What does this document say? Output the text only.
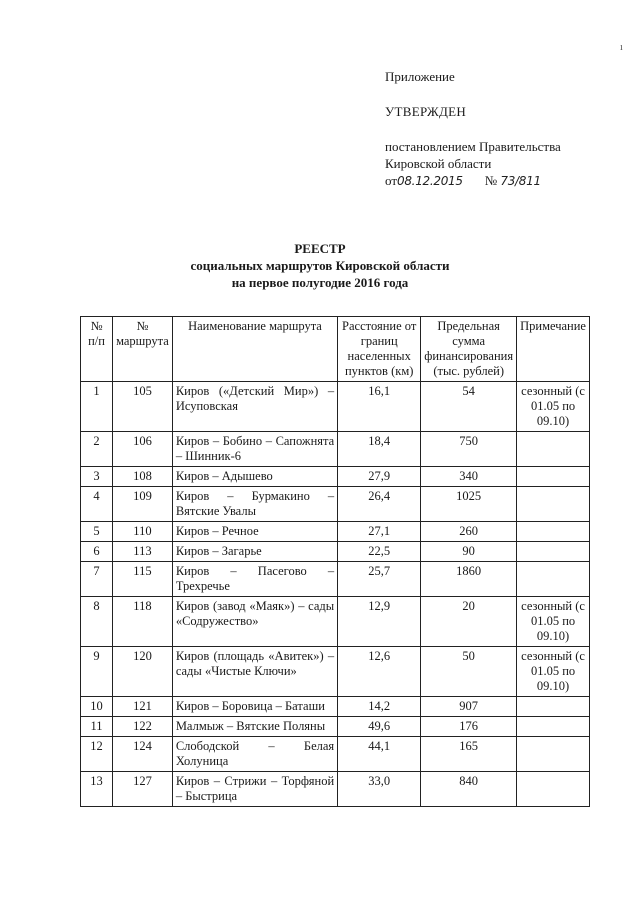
ı
Приложение
УТВЕРЖДЕН
постановлением Правительства
Кировской области
от08.12.2015 № 73/811
РЕЕСТР
социальных маршрутов Кировской области
на первое полугодие 2016 года
№ п/п	№ маршрута	Наименование маршрута	Расстояние от границ населенных пунктов (км)	Предельная сумма финансирования (тыс. рублей)	Примечание
1	105	Киров («Детский Мир») – Исуповская	16,1	54	сезонный (с 01.05 по 09.10)
2	106	Киров – Бобино – Сапожнята – Шинник-6	18,4	750	
3	108	Киров – Адышево	27,9	340	
4	109	Киров – Бурмакино – Вятские Увалы	26,4	1025	
5	110	Киров – Речное	27,1	260	
6	113	Киров – Загарье	22,5	90	
7	115	Киров – Пасегово – Трехречье	25,7	1860	
8	118	Киров (завод «Маяк») – сады «Содружество»	12,9	20	сезонный (с 01.05 по 09.10)
9	120	Киров (площадь «Авитек») – сады «Чистые Ключи»	12,6	50	сезонный (с 01.05 по 09.10)
10	121	Киров – Боровица – Баташи	14,2	907	
11	122	Малмыж – Вятские Поляны	49,6	176	
12	124	Слободской – Белая Холуница	44,1	165	
13	127	Киров – Стрижи – Торфяной – Быстрица	33,0	840	
